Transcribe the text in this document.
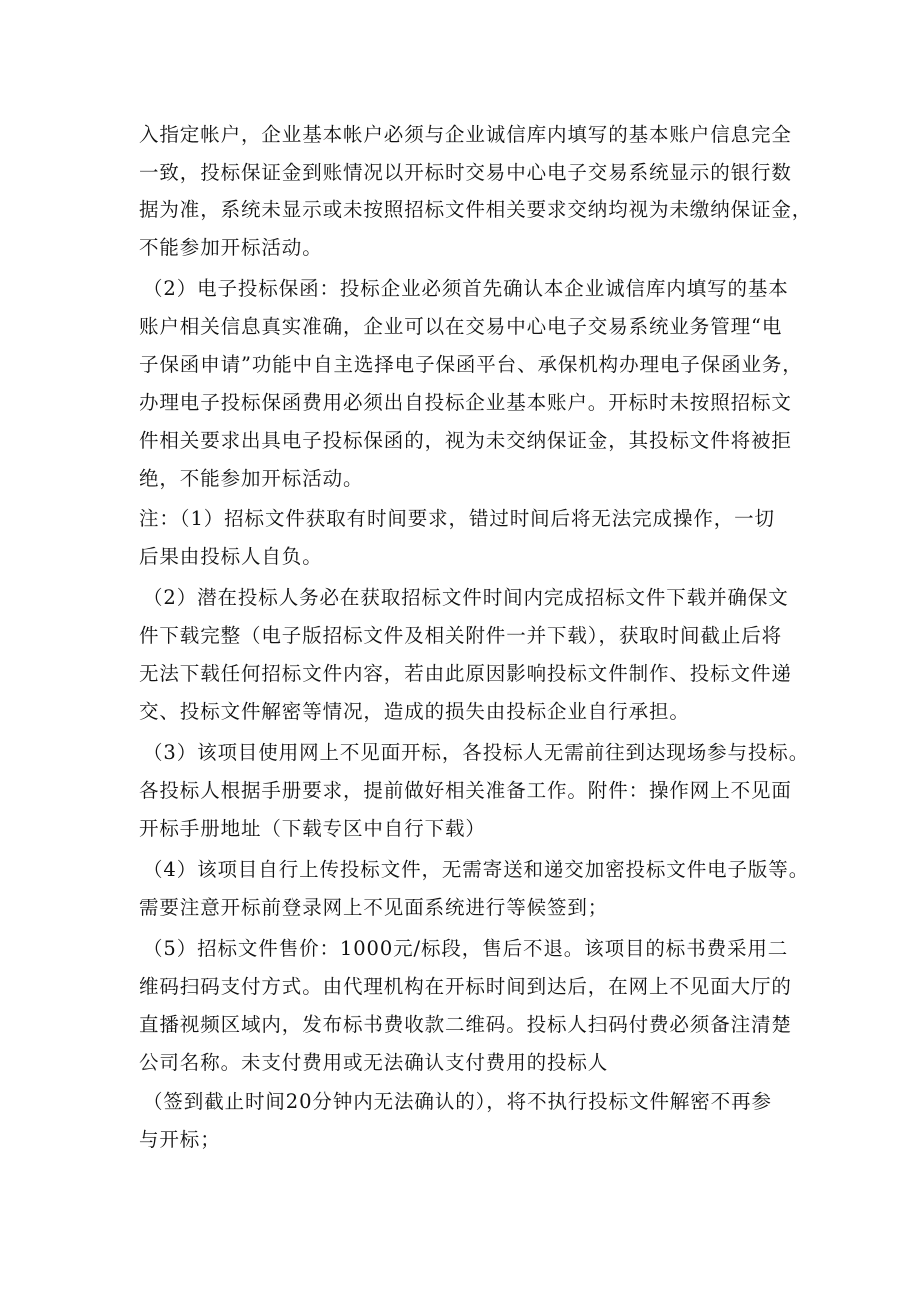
入指定帐户，企业基本帐户必须与企业诚信库内填写的基本账户信息完全
一致，投标保证金到账情况以开标时交易中心电子交易系统显示的银行数
据为准，系统未显示或未按照招标文件相关要求交纳均视为未缴纳保证金，
不能参加开标活动。
（2）电子投标保函：投标企业必须首先确认本企业诚信库内填写的基本
账户相关信息真实准确，企业可以在交易中心电子交易系统业务管理“电
子保函申请”功能中自主选择电子保函平台、承保机构办理电子保函业务，
办理电子投标保函费用必须出自投标企业基本账户。开标时未按照招标文
件相关要求出具电子投标保函的，视为未交纳保证金，其投标文件将被拒
绝，不能参加开标活动。
注：（1）招标文件获取有时间要求，错过时间后将无法完成操作，一切
后果由投标人自负。
（2）潜在投标人务必在获取招标文件时间内完成招标文件下载并确保文
件下载完整（电子版招标文件及相关附件一并下载），获取时间截止后将
无法下载任何招标文件内容，若由此原因影响投标文件制作、投标文件递
交、投标文件解密等情况，造成的损失由投标企业自行承担。
（3）该项目使用网上不见面开标，各投标人无需前往到达现场参与投标。
各投标人根据手册要求，提前做好相关准备工作。附件：操作网上不见面
开标手册地址（下载专区中自行下载）
（4）该项目自行上传投标文件，无需寄送和递交加密投标文件电子版等。
需要注意开标前登录网上不见面系统进行等候签到；
（5）招标文件售价：1000元/标段，售后不退。该项目的标书费采用二
维码扫码支付方式。由代理机构在开标时间到达后，在网上不见面大厅的
直播视频区域内，发布标书费收款二维码。投标人扫码付费必须备注清楚
公司名称。未支付费用或无法确认支付费用的投标人
（签到截止时间20分钟内无法确认的），将不执行投标文件解密不再参
与开标；
